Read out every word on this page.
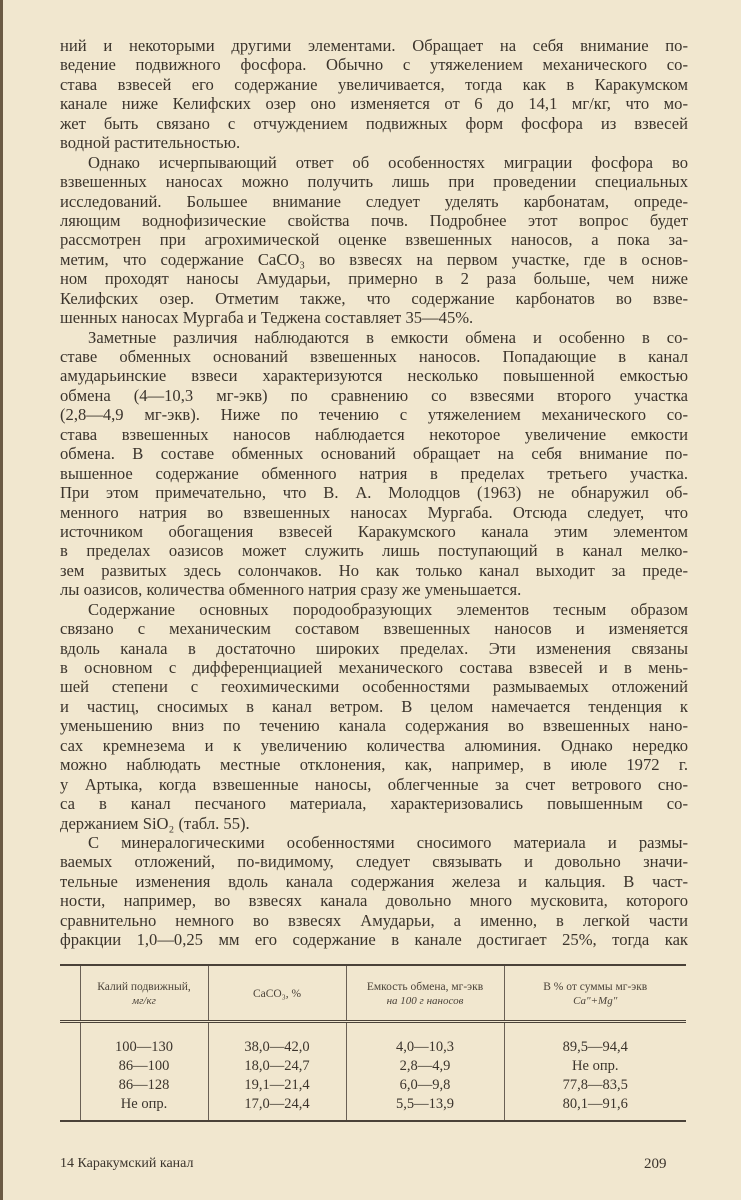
ний и некоторыми другими элементами. Обращает на себя внимание по-
ведение подвижного фосфора. Обычно с утяжелением механического со-
става взвесей его содержание увеличивается, тогда как в Каракумском
канале ниже Келифских озер оно изменяется от 6 до 14,1 мг/кг, что мо-
жет быть связано с отчуждением подвижных форм фосфора из взвесей
водной растительностью.
Однако исчерпывающий ответ об особенностях миграции фосфора во
взвешенных наносах можно получить лишь при проведении специальных
исследований. Большее внимание следует уделять карбонатам, опреде-
ляющим воднофизические свойства почв. Подробнее этот вопрос будет
рассмотрен при агрохимической оценке взвешенных наносов, а пока за-
метим, что содержание CaCO₃ во взвесях на первом участке, где в основ-
ном проходят наносы Амударьи, примерно в 2 раза больше, чем ниже
Келифских озер. Отметим также, что содержание карбонатов во взве-
шенных наносах Мургаба и Теджена составляет 35—45%.
Заметные различия наблюдаются в емкости обмена и особенно в со-
ставе обменных оснований взвешенных наносов. Попадающие в канал
амударьинские взвеси характеризуются несколько повышенной емкостью
обмена (4—10,3 мг-экв) по сравнению со взвесями второго участка
(2,8—4,9 мг-экв). Ниже по течению с утяжелением механического со-
става взвешенных наносов наблюдается некоторое увеличение емкости
обмена. В составе обменных оснований обращает на себя внимание по-
вышенное содержание обменного натрия в пределах третьего участка.
При этом примечательно, что В. А. Молодцов (1963) не обнаружил об-
менного натрия во взвешенных наносах Мургаба. Отсюда следует, что
источником обогащения взвесей Каракумского канала этим элементом
в пределах оазисов может служить лишь поступающий в канал мелко-
зем развитых здесь солончаков. Но как только канал выходит за преде-
лы оазисов, количества обменного натрия сразу же уменьшается.
Содержание основных породообразующих элементов тесным образом
связано с механическим составом взвешенных наносов и изменяется
вдоль канала в достаточно широких пределах. Эти изменения связаны
в основном с дифференциацией механического состава взвесей и в мень-
шей степени с геохимическими особенностями размываемых отложений
и частиц, сносимых в канал ветром. В целом намечается тенденция к
уменьшению вниз по течению канала содержания во взвешенных нано-
сах кремнезема и к увеличению количества алюминия. Однако нередко
можно наблюдать местные отклонения, как, например, в июле 1972 г.
у Артыка, когда взвешенные наносы, облегченные за счет ветрового сно-
са в канал песчаного материала, характеризовались повышенным со-
держанием SiO₂ (табл. 55).
С минералогическими особенностями сносимого материала и размы-
ваемых отложений, по-видимому, следует связывать и довольно значи-
тельные изменения вдоль канала содержания железа и кальция. В част-
ности, например, во взвесях канала довольно много мусковита, которого
сравнительно немного во взвесях Амударьи, а именно, в легкой части
фракции 1,0—0,25 мм его содержание в канале достигает 25%, тогда как

	Калий подвижный,
мг/кг	CaCO₃, %	Емкость обмена, мг-экв
на 100 г наносов	В % от суммы мг-экв
Ca"+Mg"
	100—130	38,0—42,0	4,0—10,3	89,5—94,4
	86—100	18,0—24,7	2,8—4,9	Не опр.
	86—128	19,1—21,4	6,0—9,8	77,8—83,5
	Не опр.	17,0—24,4	5,5—13,9	80,1—91,6
14 Каракумский канал	209
